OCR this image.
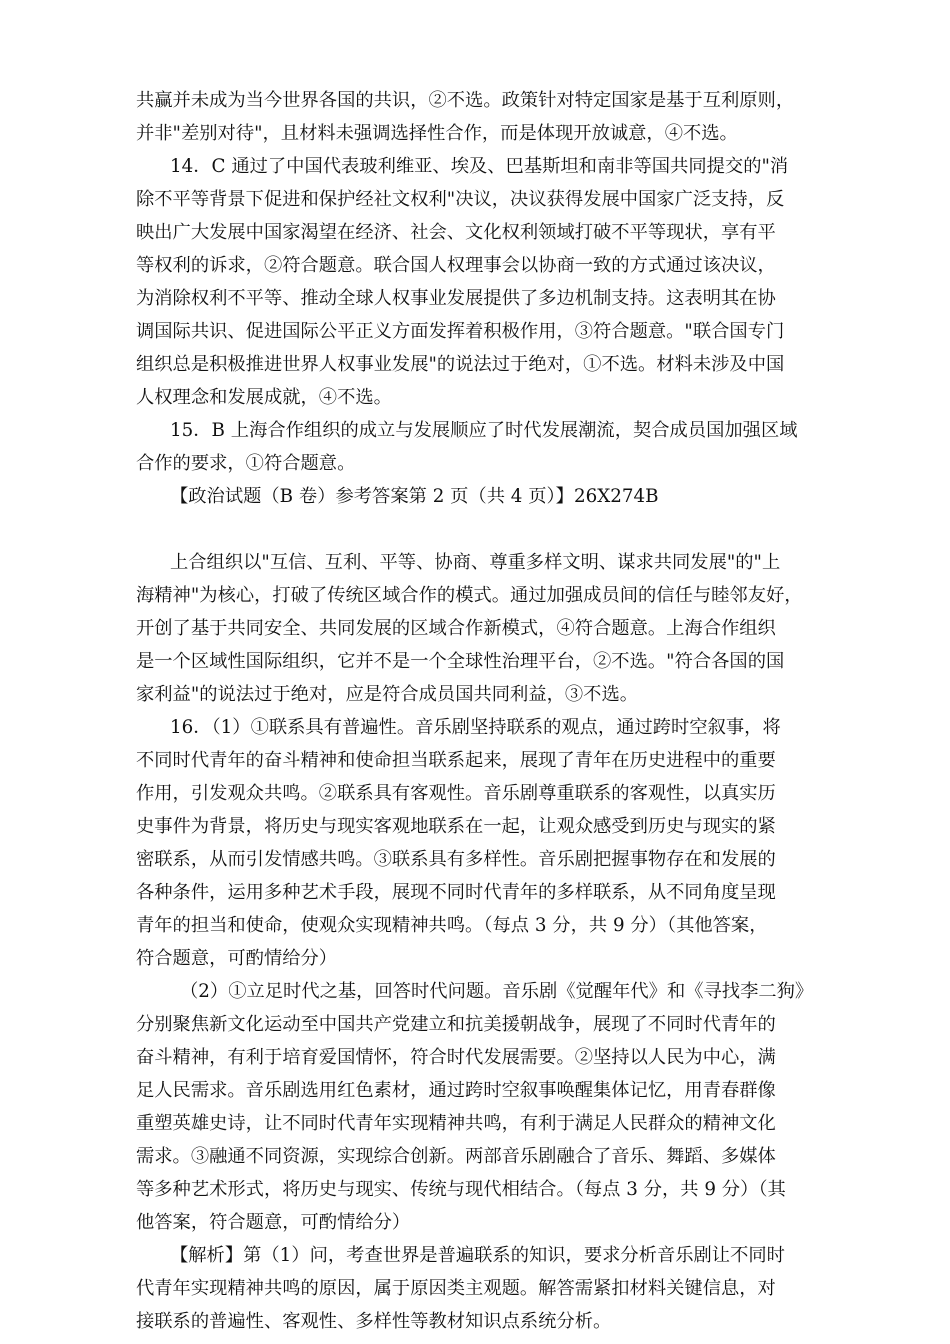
共赢并未成为当今世界各国的共识，②不选。政策针对特定国家是基于互利原则，
并非"差别对待"，且材料未强调选择性合作，而是体现开放诚意，④不选。
14．C 通过了中国代表玻利维亚、埃及、巴基斯坦和南非等国共同提交的"消
除不平等背景下促进和保护经社文权利"决议，决议获得发展中国家广泛支持，反
映出广大发展中国家渴望在经济、社会、文化权利领域打破不平等现状，享有平
等权利的诉求，②符合题意。联合国人权理事会以协商一致的方式通过该决议，
为消除权利不平等、推动全球人权事业发展提供了多边机制支持。这表明其在协
调国际共识、促进国际公平正义方面发挥着积极作用，③符合题意。"联合国专门
组织总是积极推进世界人权事业发展"的说法过于绝对，①不选。材料未涉及中国
人权理念和发展成就，④不选。
15．B 上海合作组织的成立与发展顺应了时代发展潮流，契合成员国加强区域
合作的要求，①符合题意。
【政治试题（B 卷）参考答案第 2 页（共 4 页）】26X274B
上合组织以"互信、互利、平等、协商、尊重多样文明、谋求共同发展"的"上
海精神"为核心，打破了传统区域合作的模式。通过加强成员间的信任与睦邻友好，
开创了基于共同安全、共同发展的区域合作新模式，④符合题意。上海合作组织
是一个区域性国际组织，它并不是一个全球性治理平台，②不选。"符合各国的国
家利益"的说法过于绝对，应是符合成员国共同利益，③不选。
16．（1）①联系具有普遍性。音乐剧坚持联系的观点，通过跨时空叙事，将
不同时代青年的奋斗精神和使命担当联系起来，展现了青年在历史进程中的重要
作用，引发观众共鸣。②联系具有客观性。音乐剧尊重联系的客观性，以真实历
史事件为背景，将历史与现实客观地联系在一起，让观众感受到历史与现实的紧
密联系，从而引发情感共鸣。③联系具有多样性。音乐剧把握事物存在和发展的
各种条件，运用多种艺术手段，展现不同时代青年的多样联系，从不同角度呈现
青年的担当和使命，使观众实现精神共鸣。（每点 3 分，共 9 分）（其他答案，
符合题意，可酌情给分）
（2）①立足时代之基，回答时代问题。音乐剧《觉醒年代》和《寻找李二狗》
分别聚焦新文化运动至中国共产党建立和抗美援朝战争，展现了不同时代青年的
奋斗精神，有利于培育爱国情怀，符合时代发展需要。②坚持以人民为中心，满
足人民需求。音乐剧选用红色素材，通过跨时空叙事唤醒集体记忆，用青春群像
重塑英雄史诗，让不同时代青年实现精神共鸣，有利于满足人民群众的精神文化
需求。③融通不同资源，实现综合创新。两部音乐剧融合了音乐、舞蹈、多媒体
等多种艺术形式，将历史与现实、传统与现代相结合。（每点 3 分，共 9 分）（其
他答案，符合题意，可酌情给分）
【解析】第（1）问，考查世界是普遍联系的知识，要求分析音乐剧让不同时
代青年实现精神共鸣的原因，属于原因类主观题。解答需紧扣材料关键信息，对
接联系的普遍性、客观性、多样性等教材知识点系统分析。
